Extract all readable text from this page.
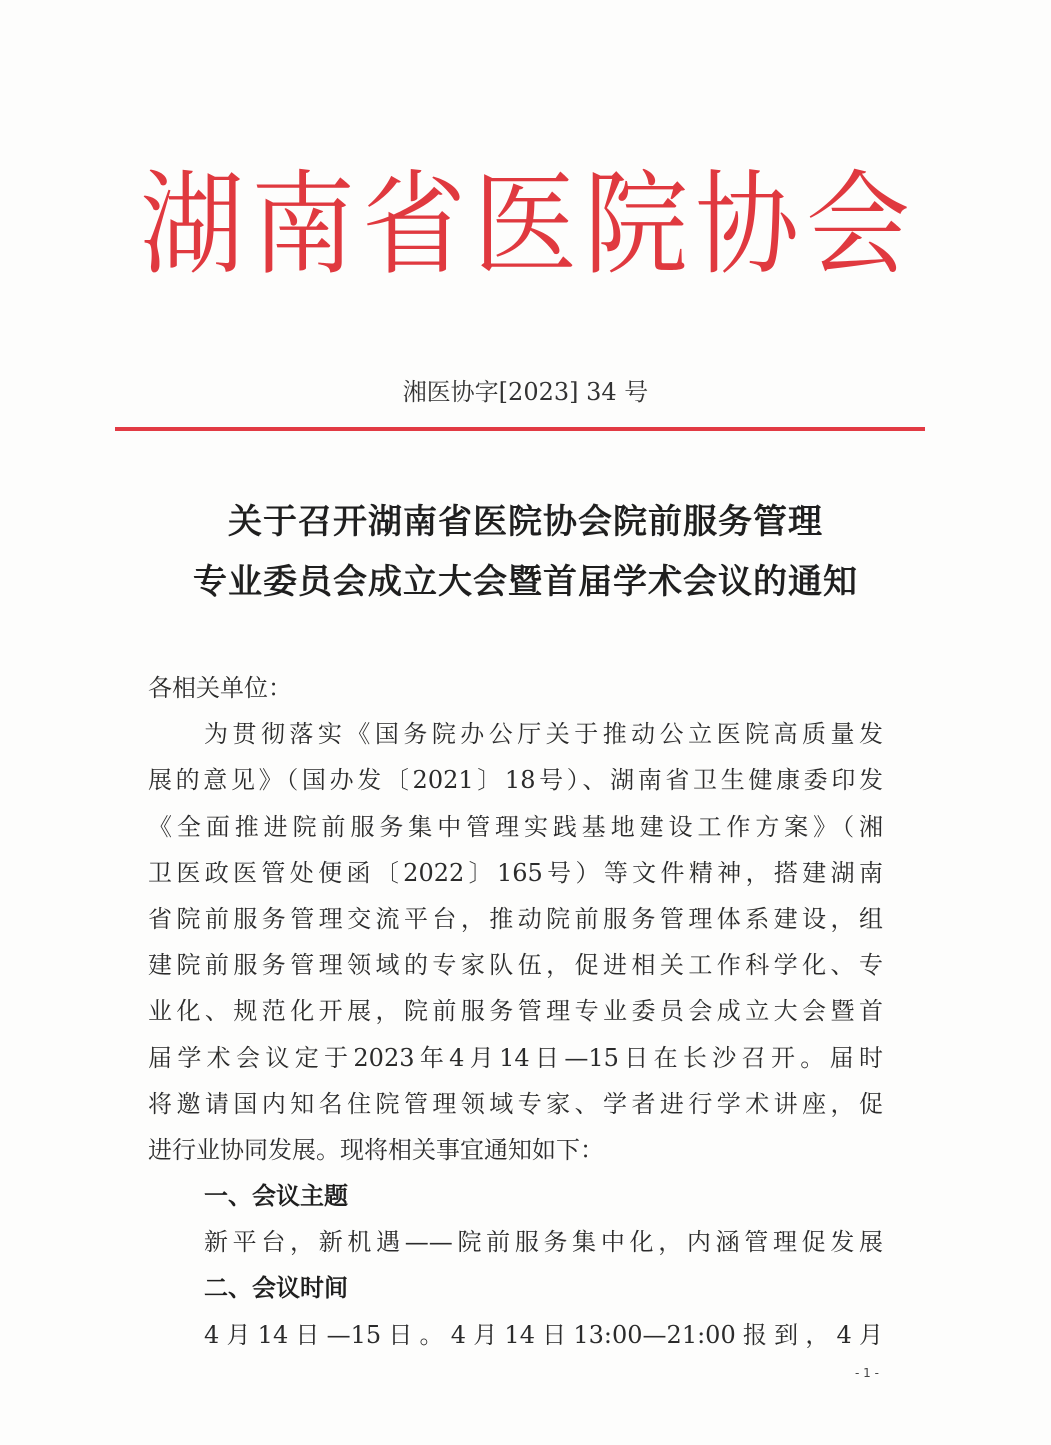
湖 南 省 医 院 协 会
湘医协字[2023] 34 号
关于召开湖南省医院协会院前服务管理
专业委员会成立大会暨首届学术会议的通知
各相关单位：
为贯彻落实《国务院办公厅关于推动公立医院高质量发
展的意见》（国办发〔2021〕18号）、湖南省卫生健康委印发
《全面推进院前服务集中管理实践基地建设工作方案》（湘
卫医政医管处便函〔2022〕165号）等文件精神，搭建湖南
省院前服务管理交流平台，推动院前服务管理体系建设，组
建院前服务管理领域的专家队伍，促进相关工作科学化、专
业化、规范化开展，院前服务管理专业委员会成立大会暨首
届学术会议定于2023年4月14日—15日在长沙召开。届时
将邀请国内知名住院管理领域专家、学者进行学术讲座，促
进行业协同发展。现将相关事宜通知如下：
一、会议主题
新平台，新机遇——院前服务集中化，内涵管理促发展
二、会议时间
4月14日—15日。4月14日13:00—21:00报到，4月
- 1 -
